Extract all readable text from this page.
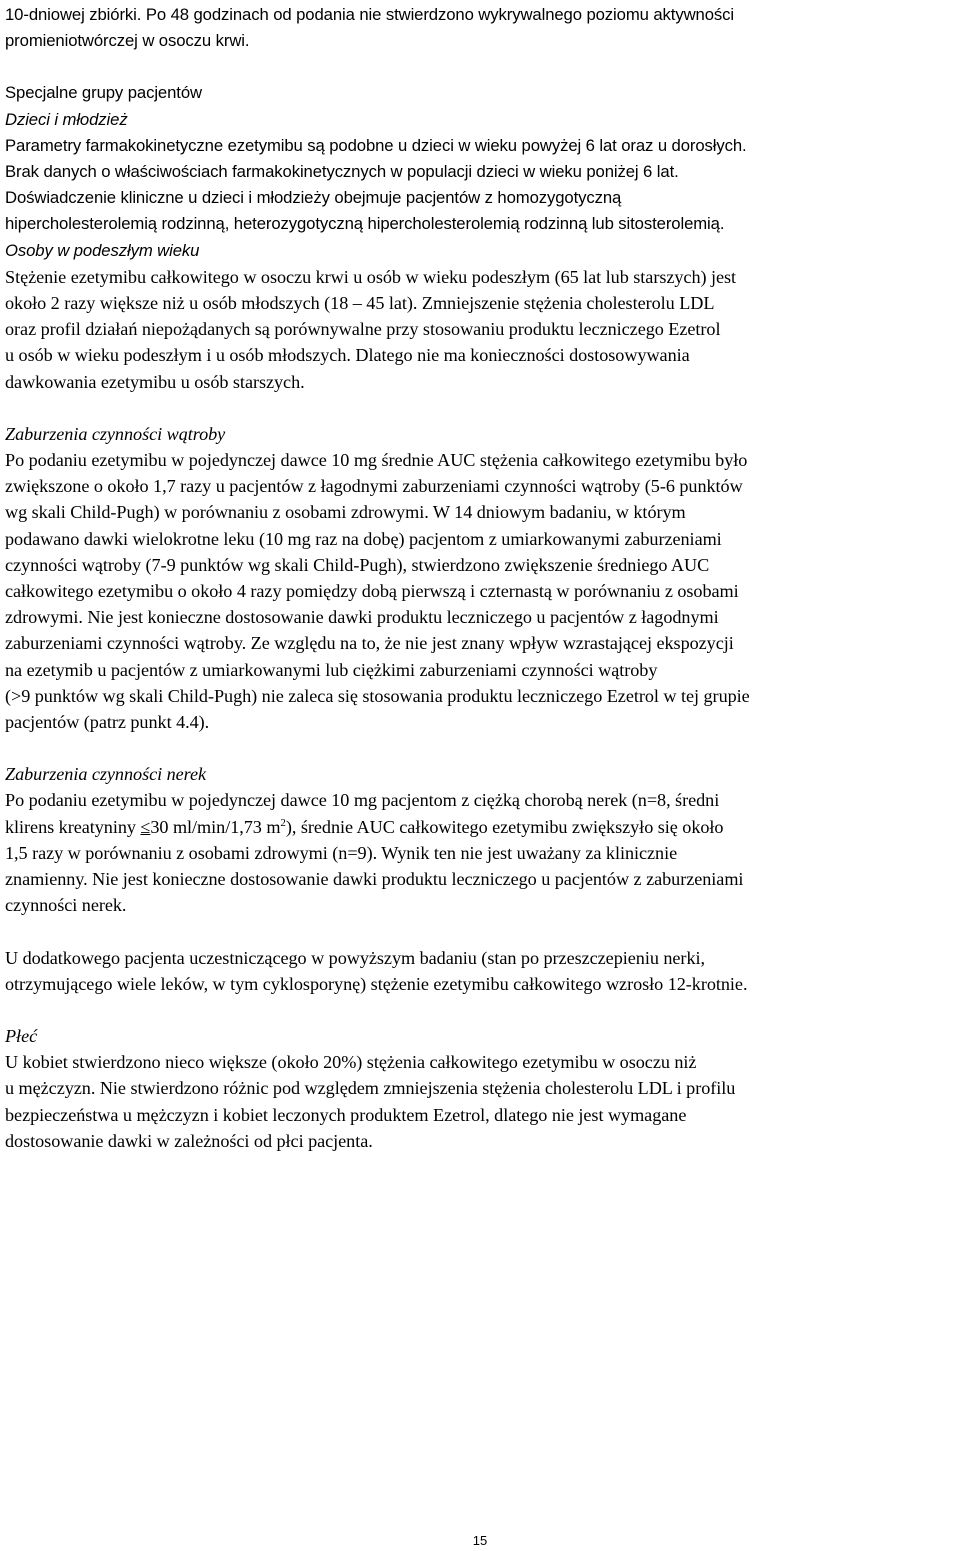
10-dniowej zbiórki. Po 48 godzinach od podania nie stwierdzono wykrywalnego poziomu aktywności

promieniotwórczej w osoczu krwi.

Specjalne grupy pacjentów

Dzieci i młodzież

Parametry farmakokinetyczne ezetymibu są podobne u dzieci w wieku powyżej 6 lat oraz u dorosłych.

Brak danych o właściwościach farmakokinetycznych w populacji dzieci w wieku poniżej 6 lat.

Doświadczenie kliniczne u dzieci i młodzieży obejmuje pacjentów z homozygotyczną

hipercholesterolemią rodzinną, heterozygotyczną hipercholesterolemią rodzinną lub sitosterolemią.

Osoby w podeszłym wieku

Stężenie ezetymibu całkowitego w osoczu krwi u osób w wieku podeszłym (65 lat lub starszych) jest

około 2 razy większe niż u osób młodszych (18 – 45 lat). Zmniejszenie stężenia cholesterolu LDL

oraz profil działań niepożądanych są porównywalne przy stosowaniu produktu leczniczego Ezetrol

u osób w wieku podeszłym i u osób młodszych. Dlatego nie ma konieczności dostosowywania

dawkowania ezetymibu u osób starszych.

Zaburzenia czynności wątroby

Po podaniu ezetymibu w pojedynczej dawce 10 mg średnie AUC stężenia całkowitego ezetymibu było

zwiększone o około 1,7 razy u pacjentów z łagodnymi zaburzeniami czynności wątroby (5-6 punktów

wg skali Child-Pugh) w porównaniu z osobami zdrowymi. W 14 dniowym badaniu, w którym

podawano dawki wielokrotne leku (10 mg raz na dobę) pacjentom z umiarkowanymi zaburzeniami

czynności wątroby (7-9 punktów wg skali Child-Pugh), stwierdzono zwiększenie średniego AUC

całkowitego ezetymibu o około 4 razy pomiędzy dobą pierwszą i czternastą w porównaniu z osobami

zdrowymi. Nie jest konieczne dostosowanie dawki produktu leczniczego u pacjentów z łagodnymi

zaburzeniami czynności wątroby. Ze względu na to, że nie jest znany wpływ wzrastającej ekspozycji

na ezetymib u pacjentów z umiarkowanymi lub ciężkimi zaburzeniami czynności wątroby

(>9 punktów wg skali Child-Pugh) nie zaleca się stosowania produktu leczniczego Ezetrol w tej grupie

pacjentów (patrz punkt 4.4).

Zaburzenia czynności nerek

Po podaniu ezetymibu w pojedynczej dawce 10 mg pacjentom z ciężką chorobą nerek (n=8, średni

klirens kreatyniny ≤30 ml/min/1,73 $m^2$), średnie AUC całkowitego ezetymibu zwiększyło się około

1,5 razy w porównaniu z osobami zdrowymi (n=9). Wynik ten nie jest uważany za klinicznie

znamienny. Nie jest konieczne dostosowanie dawki produktu leczniczego u pacjentów z zaburzeniami

czynności nerek.

U dodatkowego pacjenta uczestniczącego w powyższym badaniu (stan po przeszczepieniu nerki,

otrzymującego wiele leków, w tym cyklosporynę) stężenie ezetymibu całkowitego wzrosło 12-krotnie.

Płeć

U kobiet stwierdzono nieco większe (około 20%) stężenia całkowitego ezetymibu w osoczu niż

u mężczyzn. Nie stwierdzono różnic pod względem zmniejszenia stężenia cholesterolu LDL i profilu

bezpieczeństwa u mężczyzn i kobiet leczonych produktem Ezetrol, dlatego nie jest wymagane

dostosowanie dawki w zależności od płci pacjenta.

15
